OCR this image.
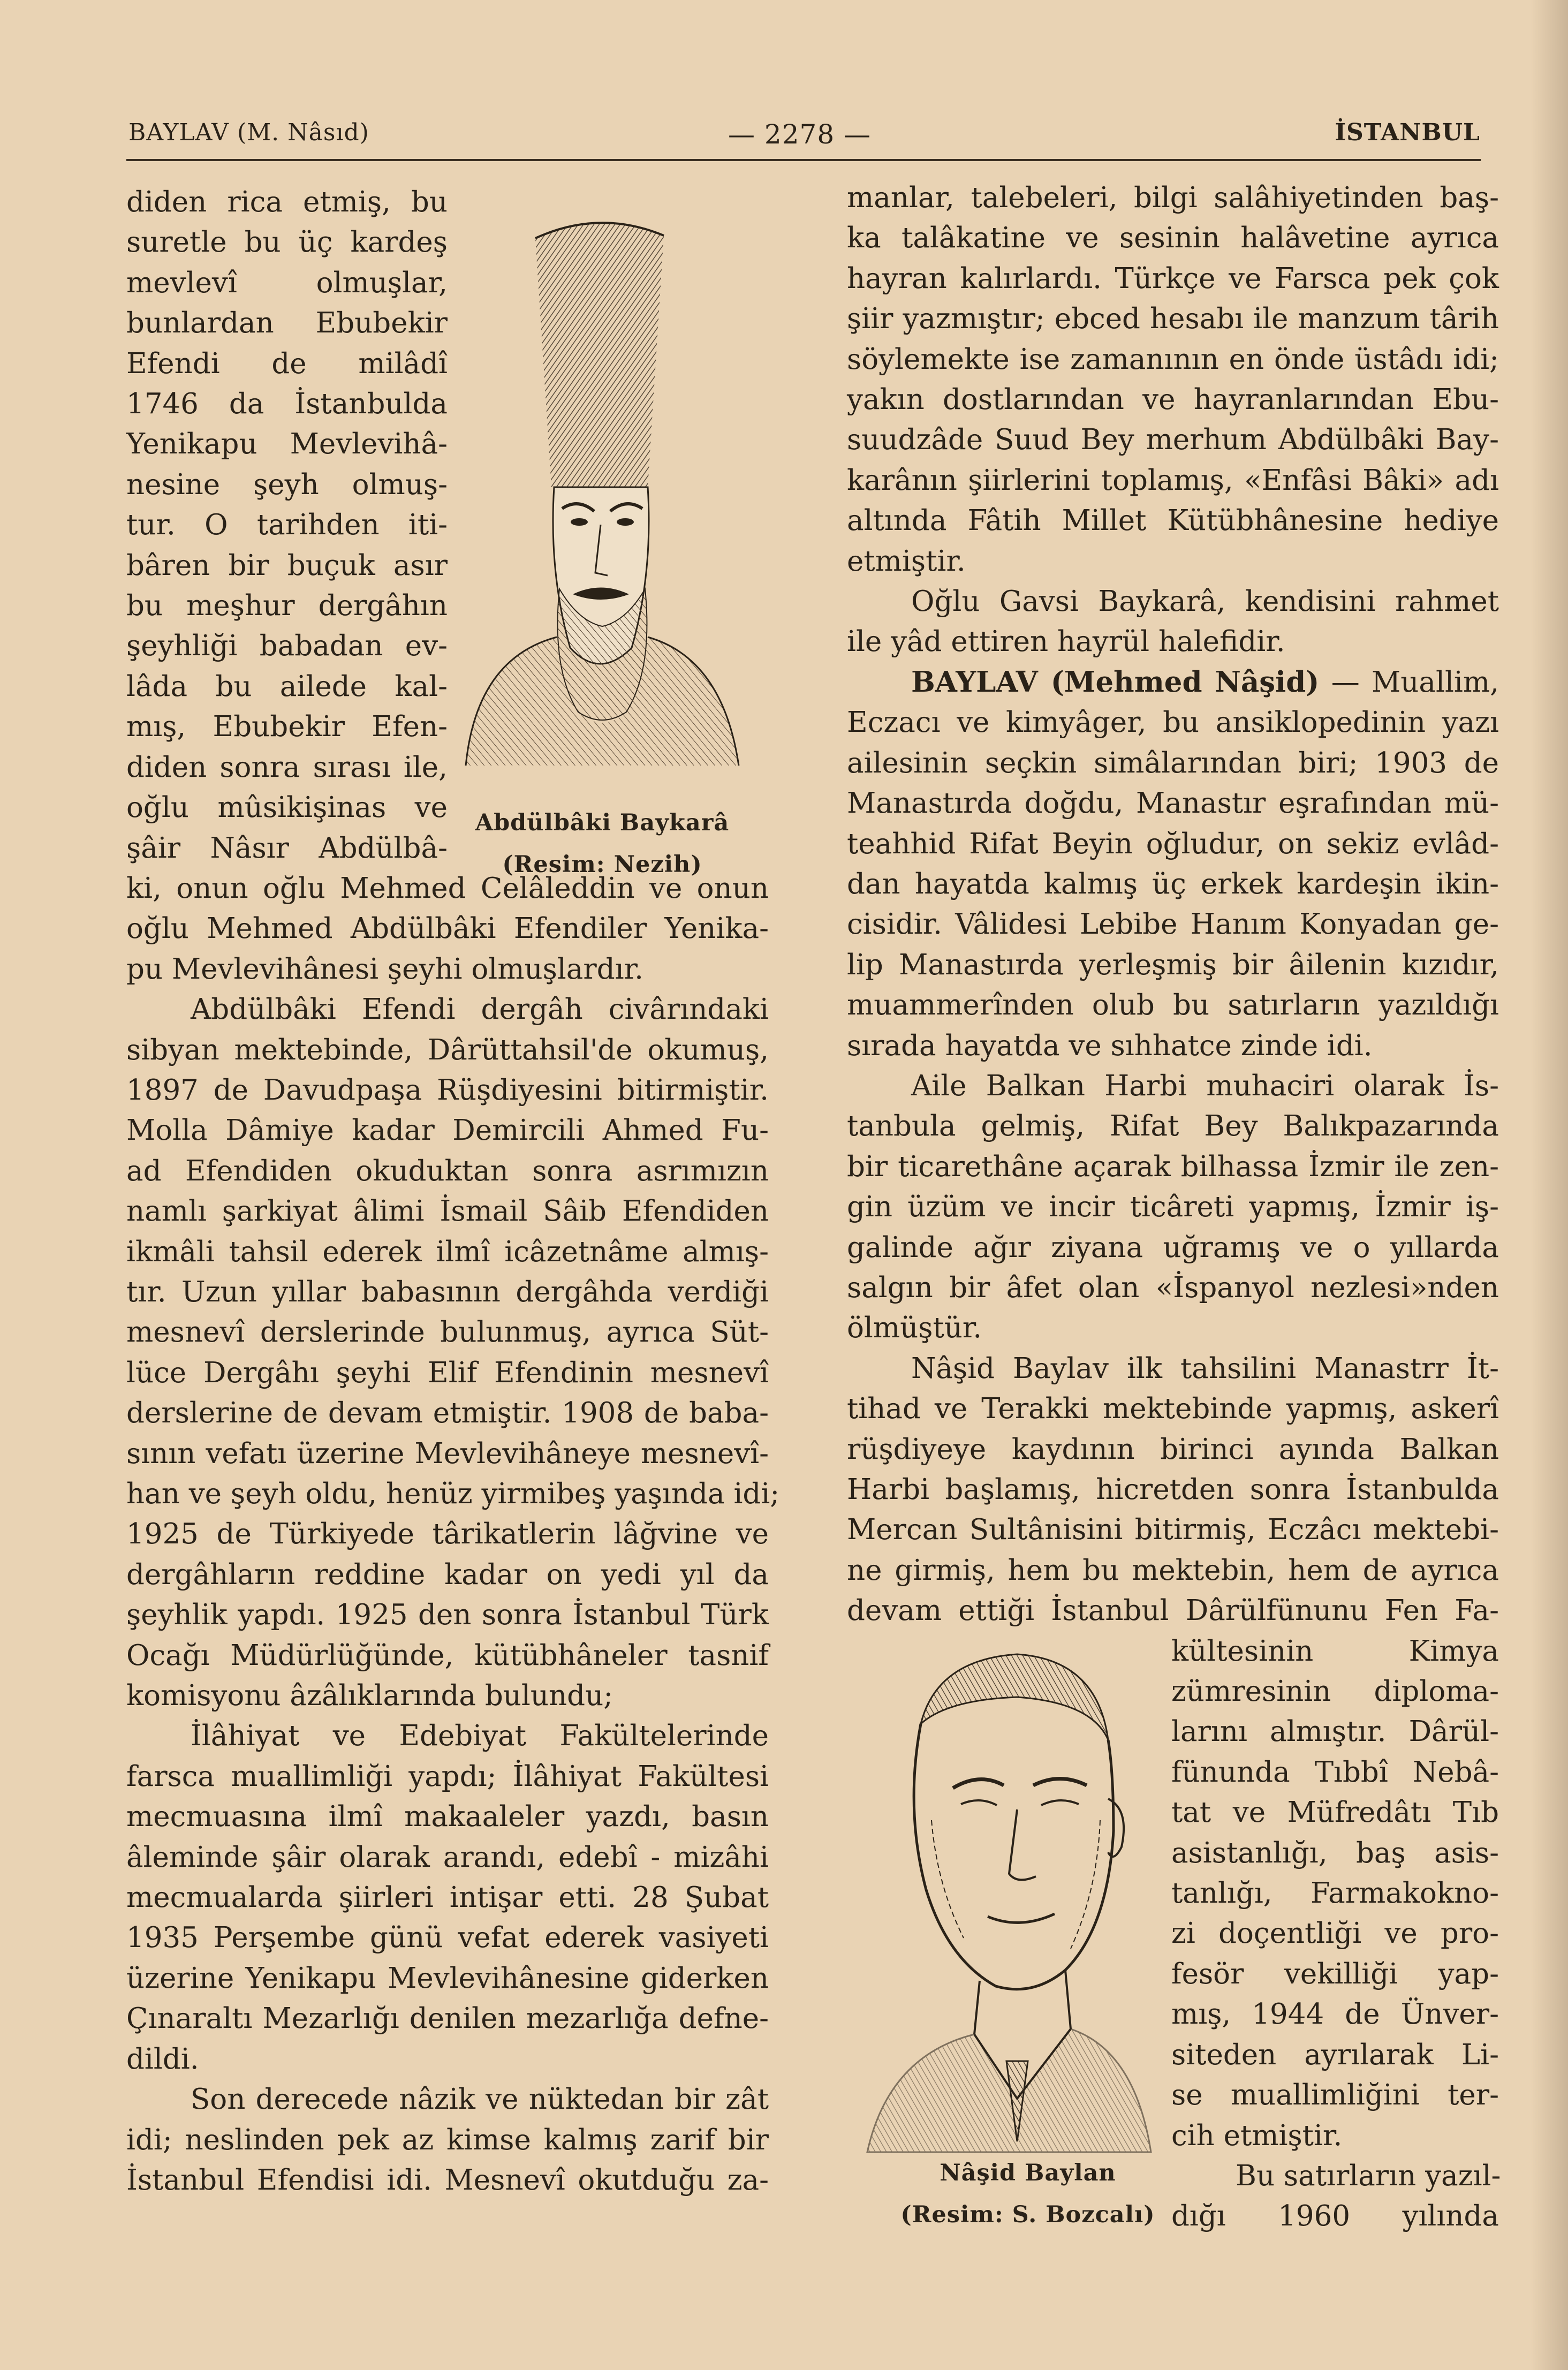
BAYLAV (M. Nâsıd)	— 2278 —	İSTANBUL
diden rica etmiş, bu
suretle bu üç kardeş
mevlevî olmuşlar,
bunlardan Ebubekir
Efendi de milâdî
1746 da İstanbulda
Yenikapu Mevlevihâ-
nesine şeyh olmuş-
tur. O tarihden iti-
bâren bir buçuk asır
bu meşhur dergâhın
şeyhliği babadan ev-
lâda bu ailede kal-
mış, Ebubekir Efen-
diden sonra sırası ile,
oğlu mûsikişinas ve
şâir Nâsır Abdülbâ-
ki, onun oğlu Mehmed Celâleddin ve onun
oğlu Mehmed Abdülbâki Efendiler Yenika-
pu Mevlevihânesi şeyhi olmuşlardır.
Abdülbâki Efendi dergâh civârındaki
sibyan mektebinde, Dârüttahsil'de okumuş,
1897 de Davudpaşa Rüşdiyesini bitirmiştir.
Molla Dâmiye kadar Demircili Ahmed Fu-
ad Efendiden okuduktan sonra asrımızın
namlı şarkiyat âlimi İsmail Sâib Efendiden
ikmâli tahsil ederek ilmî icâzetnâme almış-
tır. Uzun yıllar babasının dergâhda verdiği
mesnevî derslerinde bulunmuş, ayrıca Süt-
lüce Dergâhı şeyhi Elif Efendinin mesnevî
derslerine de devam etmiştir. 1908 de baba-
sının vefatı üzerine Mevlevihâneye mesnevî-
han ve şeyh oldu, henüz yirmibeş yaşında idi;
1925 de Türkiyede târikatlerin lâğvine ve
dergâhların reddine kadar on yedi yıl da
şeyhlik yapdı. 1925 den sonra İstanbul Türk
Ocağı Müdürlüğünde, kütübhâneler tasnif
komisyonu âzâlıklarında bulundu;
İlâhiyat ve Edebiyat Fakültelerinde
farsca muallimliği yapdı; İlâhiyat Fakültesi
mecmuasına ilmî makaaleler yazdı, basın
âleminde şâir olarak arandı, edebî - mizâhi
mecmualarda şiirleri intişar etti. 28 Şubat
1935 Perşembe günü vefat ederek vasiyeti
üzerine Yenikapu Mevlevihânesine giderken
Çınaraltı Mezarlığı denilen mezarlığa defne-
dildi.
Son derecede nâzik ve nüktedan bir zât
idi; neslinden pek az kimse kalmış zarif bir
İstanbul Efendisi idi. Mesnevî okutduğu za-
Abdülbâki Baykarâ
(Resim: Nezih)
manlar, talebeleri, bilgi salâhiyetinden baş-
ka talâkatine ve sesinin halâvetine ayrıca
hayran kalırlardı. Türkçe ve Farsca pek çok
şiir yazmıştır; ebced hesabı ile manzum târih
söylemekte ise zamanının en önde üstâdı idi;
yakın dostlarından ve hayranlarından Ebu-
suudzâde Suud Bey merhum Abdülbâki Bay-
karânın şiirlerini toplamış, «Enfâsi Bâki» adı
altında Fâtih Millet Kütübhânesine hediye
etmiştir.
Oğlu Gavsi Baykarâ, kendisini rahmet
ile yâd ettiren hayrül halefidir.
BAYLAV (Mehmed Nâşid) — Muallim,
Eczacı ve kimyâger, bu ansiklopedinin yazı
ailesinin seçkin simâlarından biri; 1903 de
Manastırda doğdu, Manastır eşrafından mü-
teahhid Rifat Beyin oğludur, on sekiz evlâd-
dan hayatda kalmış üç erkek kardeşin ikin-
cisidir. Vâlidesi Lebibe Hanım Konyadan ge-
lip Manastırda yerleşmiş bir âilenin kızıdır,
muammerînden olub bu satırların yazıldığı
sırada hayatda ve sıhhatce zinde idi.
Aile Balkan Harbi muhaciri olarak İs-
tanbula gelmiş, Rifat Bey Balıkpazarında
bir ticarethâne açarak bilhassa İzmir ile zen-
gin üzüm ve incir ticâreti yapmış, İzmir iş-
galinde ağır ziyana uğramış ve o yıllarda
salgın bir âfet olan «İspanyol nezlesi»nden
ölmüştür.
Nâşid Baylav ilk tahsilini Manastrr İt-
tihad ve Terakki mektebinde yapmış, askerî
rüşdiyeye kaydının birinci ayında Balkan
Harbi başlamış, hicretden sonra İstanbulda
Mercan Sultânisini bitirmiş, Eczâcı mektebi-
ne girmiş, hem bu mektebin, hem de ayrıca
devam ettiği İstanbul Dârülfünunu Fen Fa-
kültesinin Kimya
zümresinin diploma-
larını almıştır. Dârül-
fünunda Tıbbî Nebâ-
tat ve Müfredâtı Tıb
asistanlığı, baş asis-
tanlığı, Farmakokno-
zi doçentliği ve pro-
fesör vekilliği yap-
mış, 1944 de Ünver-
siteden ayrılarak Li-
se muallimliğini ter-
cih etmiştir.
Bu satırların yazıl-
dığı 1960 yılında
Nâşid Baylan
(Resim: S. Bozcalı)
